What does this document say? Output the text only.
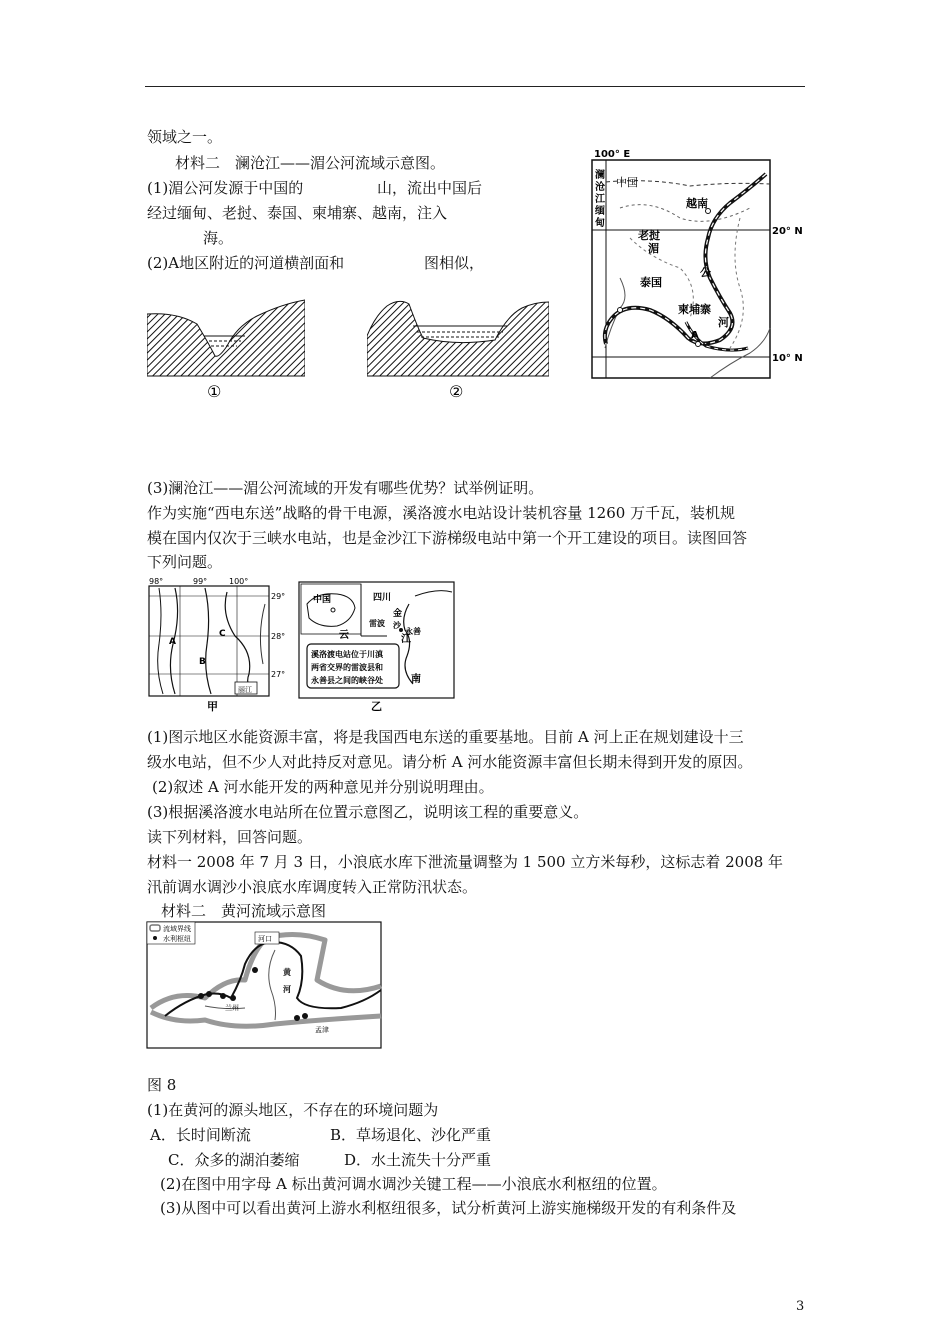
领域之一。
材料二　澜沧江——湄公河流域示意图。
(1)湄公河发源于中国的	山，流出中国后
经过缅甸、老挝、泰国、柬埔寨、越南，注入
海。
(2)A地区附近的河道横剖面和	图相似，
100° E
20° N
10° N
中国
越南
老挝
泰国
柬埔寨
澜
沧
江
缅
甸
湄
公
河
A
①	②
(3)澜沧江——湄公河流域的开发有哪些优势？试举例证明。
作为实施“西电东送”战略的骨干电源，溪洛渡水电站设计装机容量 1260 万千瓦，装机规
模在国内仅次于三峡水电站，也是金沙江下游梯级电站中第一个开工建设的项目。读图回答
下列问题。
98°	99°	100°
29°
28°
27°
A
B
C
丽江
甲
中国	四川
金
沙
雷波
永善
云	江
南
溪洛渡电站位于川滇
两省交界的雷波县和
永善县之间的峡谷处
乙
(1)图示地区水能资源丰富，将是我国西电东送的重要基地。目前 A 河上正在规划建设十三
级水电站，但不少人对此持反对意见。请分析 A 河水能资源丰富但长期未得到开发的原因。
(2)叙述 A 河水能开发的两种意见并分别说明理由。
(3)根据溪洛渡水电站所在位置示意图乙，说明该工程的重要意义。
读下列材料，回答问题。
材料一 2008 年 7 月 3 日，小浪底水库下泄流量调整为 1 500 立方米每秒，这标志着 2008 年
汛前调水调沙小浪底水库调度转入正常防汛状态。
材料二　黄河流域示意图
流域界线
水利枢纽	河口
兰州
孟津
黄
河
图 8
(1)在黄河的源头地区，不存在的环境问题为
A．长时间断流	B．草场退化、沙化严重
C．众多的湖泊萎缩	D．水土流失十分严重
(2)在图中用字母 A 标出黄河调水调沙关键工程——小浪底水利枢纽的位置。
(3)从图中可以看出黄河上游水利枢纽很多，试分析黄河上游实施梯级开发的有利条件及
3
